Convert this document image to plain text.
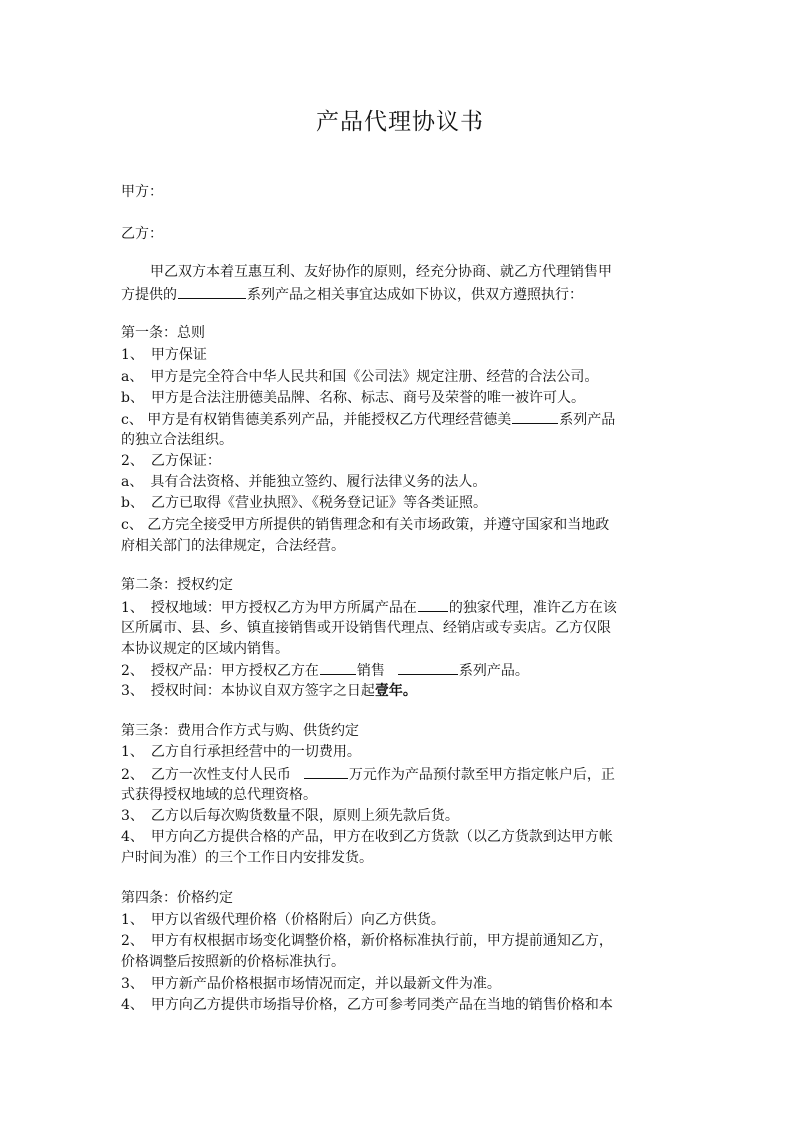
产品代理协议书
甲方：
乙方：
甲乙双方本着互惠互利、友好协作的原则，经充分协商、就乙方代理销售甲
方提供的	系列产品之相关事宜达成如下协议，供双方遵照执行：
第一条：总则
1、　甲方保证
a、　甲方是完全符合中华人民共和国《公司法》规定注册、经营的合法公司。
b、　甲方是合法注册德美品牌、名称、标志、商号及荣誉的唯一被许可人。
c、 甲方是有权销售德美系列产品，并能授权乙方代理经营德美	系列产品
的独立合法组织。
2、　乙方保证：
a、　具有合法资格、并能独立签约、履行法律义务的法人。
b、　乙方已取得《营业执照》、《税务登记证》等各类证照。
c、 乙方完全接受甲方所提供的销售理念和有关市场政策，并遵守国家和当地政
府相关部门的法律规定，合法经营。
第二条：授权约定
1、　授权地域：甲方授权乙方为甲方所属产品在 的独家代理，准许乙方在该
区所属市、县、乡、镇直接销售或开设销售代理点、经销店或专卖店。乙方仅限
本协议规定的区域内销售。
2、　授权产品：甲方授权乙方在	销售	系列产品。
3、　授权时间：本协议自双方签字之日起壹年。
第三条：费用合作方式与购、供货约定
1、　乙方自行承担经营中的一切费用。
2、　乙方一次性支付人民币	万元作为产品预付款至甲方指定帐户后，正
式获得授权地域的总代理资格。
3、　乙方以后每次购货数量不限，原则上须先款后货。
4、　甲方向乙方提供合格的产品，甲方在收到乙方货款（以乙方货款到达甲方帐
户时间为准）的三个工作日内安排发货。
第四条：价格约定
1、　甲方以省级代理价格（价格附后）向乙方供货。
2、　甲方有权根据市场变化调整价格，新价格标准执行前，甲方提前通知乙方，
价格调整后按照新的价格标准执行。
3、　甲方新产品价格根据市场情况而定，并以最新文件为准。
4、　甲方向乙方提供市场指导价格，乙方可参考同类产品在当地的销售价格和本
